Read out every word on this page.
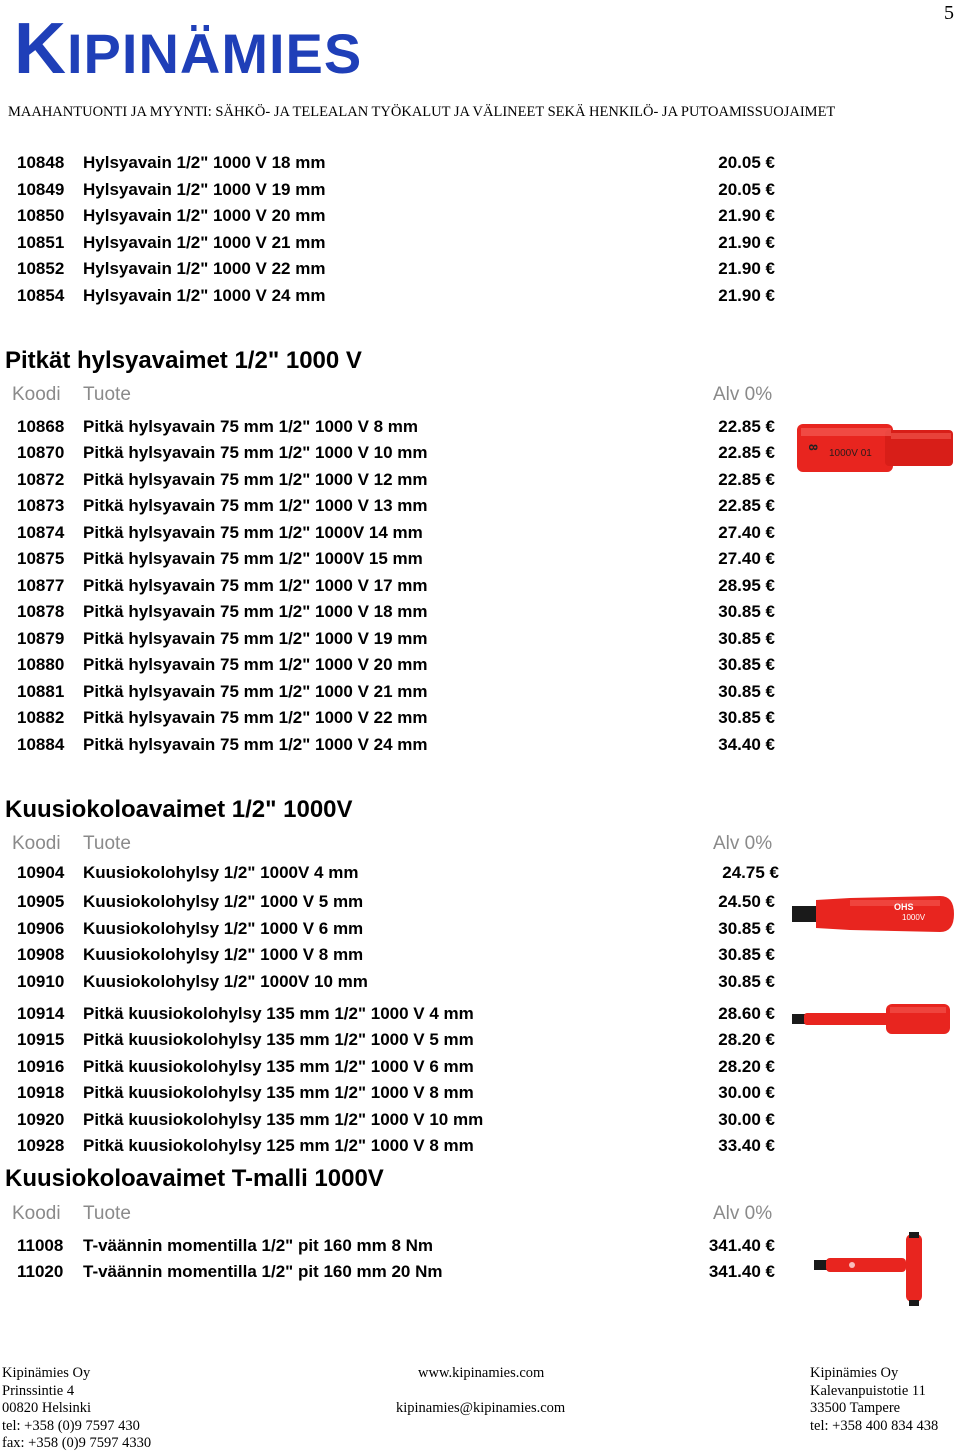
KIPINÄMIES
5
MAAHANTUONTI JA MYYNTI: SÄHKÖ- JA TELEALAN TYÖKALUT JA VÄLINEET SEKÄ HENKILÖ- JA PUTOAMISSUOJAIMET
10848 Hylsyavain 1/2" 1000 V 18 mm	20.05 €
10849 Hylsyavain 1/2" 1000 V 19 mm	20.05 €
10850 Hylsyavain 1/2" 1000 V 20 mm	21.90 €
10851 Hylsyavain 1/2" 1000 V 21 mm	21.90 €
10852 Hylsyavain 1/2" 1000 V 22 mm	21.90 €
10854 Hylsyavain 1/2" 1000 V 24 mm	21.90 €
Pitkät hylsyavaimet 1/2" 1000 V
Koodi Tuote	Alv 0%
10868 Pitkä hylsyavain 75 mm 1/2" 1000 V 8 mm	22.85 €
10870 Pitkä hylsyavain 75 mm 1/2" 1000 V 10 mm	22.85 €
10872 Pitkä hylsyavain 75 mm 1/2" 1000 V 12 mm	22.85 €
10873 Pitkä hylsyavain 75 mm 1/2" 1000 V 13 mm	22.85 €
10874 Pitkä hylsyavain 75 mm 1/2" 1000V 14 mm	27.40 €
10875 Pitkä hylsyavain 75 mm 1/2" 1000V 15 mm	27.40 €
10877 Pitkä hylsyavain 75 mm 1/2" 1000 V 17 mm	28.95 €
10878 Pitkä hylsyavain 75 mm 1/2" 1000 V 18 mm	30.85 €
10879 Pitkä hylsyavain 75 mm 1/2" 1000 V 19 mm	30.85 €
10880 Pitkä hylsyavain 75 mm 1/2" 1000 V 20 mm	30.85 €
10881 Pitkä hylsyavain 75 mm 1/2" 1000 V 21 mm	30.85 €
10882 Pitkä hylsyavain 75 mm 1/2" 1000 V 22 mm	30.85 €
10884 Pitkä hylsyavain 75 mm 1/2" 1000 V 24 mm	34.40 €
8
1000V 01
Kuusiokoloavaimet 1/2" 1000V
Koodi Tuote	Alv 0%
10904 Kuusiokolohylsy 1/2" 1000V 4 mm	24.75 €
10905 Kuusiokolohylsy 1/2" 1000 V 5 mm	24.50 €
10906 Kuusiokolohylsy 1/2" 1000 V 6 mm	30.85 €
10908 Kuusiokolohylsy 1/2" 1000 V 8 mm	30.85 €
10910 Kuusiokolohylsy 1/2" 1000V 10 mm	30.85 €
10914 Pitkä kuusiokolohylsy 135 mm 1/2" 1000 V 4 mm	28.60 €
10915 Pitkä kuusiokolohylsy 135 mm 1/2" 1000 V 5 mm	28.20 €
10916 Pitkä kuusiokolohylsy 135 mm 1/2" 1000 V 6 mm	28.20 €
10918 Pitkä kuusiokolohylsy 135 mm 1/2" 1000 V 8 mm	30.00 €
10920 Pitkä kuusiokolohylsy 135 mm 1/2" 1000 V 10 mm	30.00 €
10928 Pitkä kuusiokolohylsy 125 mm 1/2" 1000 V 8 mm	33.40 €
OHS
1000V
Kuusiokoloavaimet T-malli 1000V
Koodi Tuote	Alv 0%
11008 T-väännin momentilla 1/2" pit 160 mm 8 Nm	341.40 €
11020 T-väännin momentilla 1/2" pit 160 mm 20 Nm	341.40 €
Kipinämies Oy
Prinssintie 4
00820 Helsinki
tel: +358 (0)9 7597 430
fax: +358 (0)9 7597 4330
www.kipinamies.com
kipinamies@kipinamies.com
Kipinämies Oy
Kalevanpuistotie 11
33500 Tampere
tel: +358 400 834 438
